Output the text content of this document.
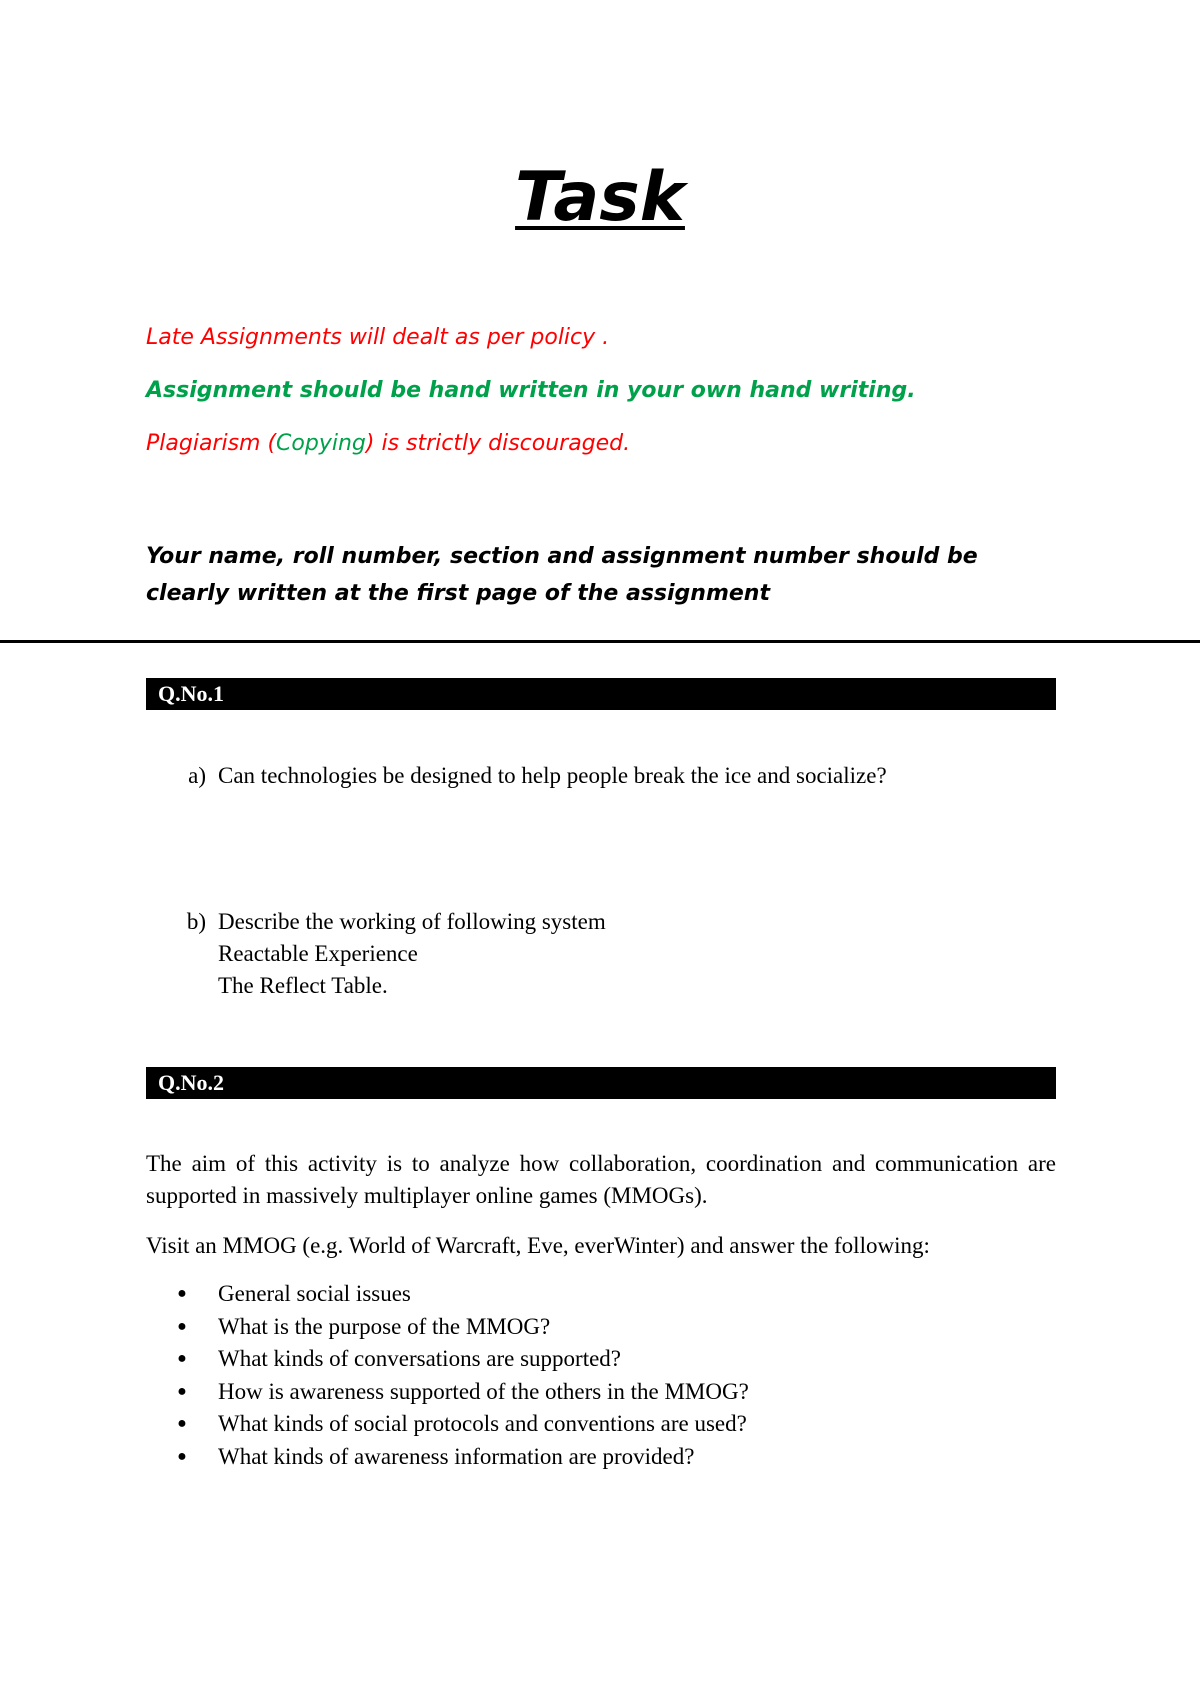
Task

Late Assignments will dealt as per policy .

Assignment should be hand written in your own hand writing.

Plagiarism (Copying) is strictly discouraged.

Your name, roll number, section and assignment number should be clearly written at the first page of the assignment

Q.No.1

a) Can technologies be designed to help people break the ice and socialize?

b) Describe the working of following system

Reactable Experience

The Reflect Table.

Q.No.2

The aim of this activity is to analyze how collaboration, coordination and communication are supported in massively multiplayer online games (MMOGs).

Visit an MMOG (e.g. World of Warcraft, Eve, everWinter) and answer the following:

● General social issues
● What is the purpose of the MMOG?
● What kinds of conversations are supported?
● How is awareness supported of the others in the MMOG?
● What kinds of social protocols and conventions are used?
● What kinds of awareness information are provided?
